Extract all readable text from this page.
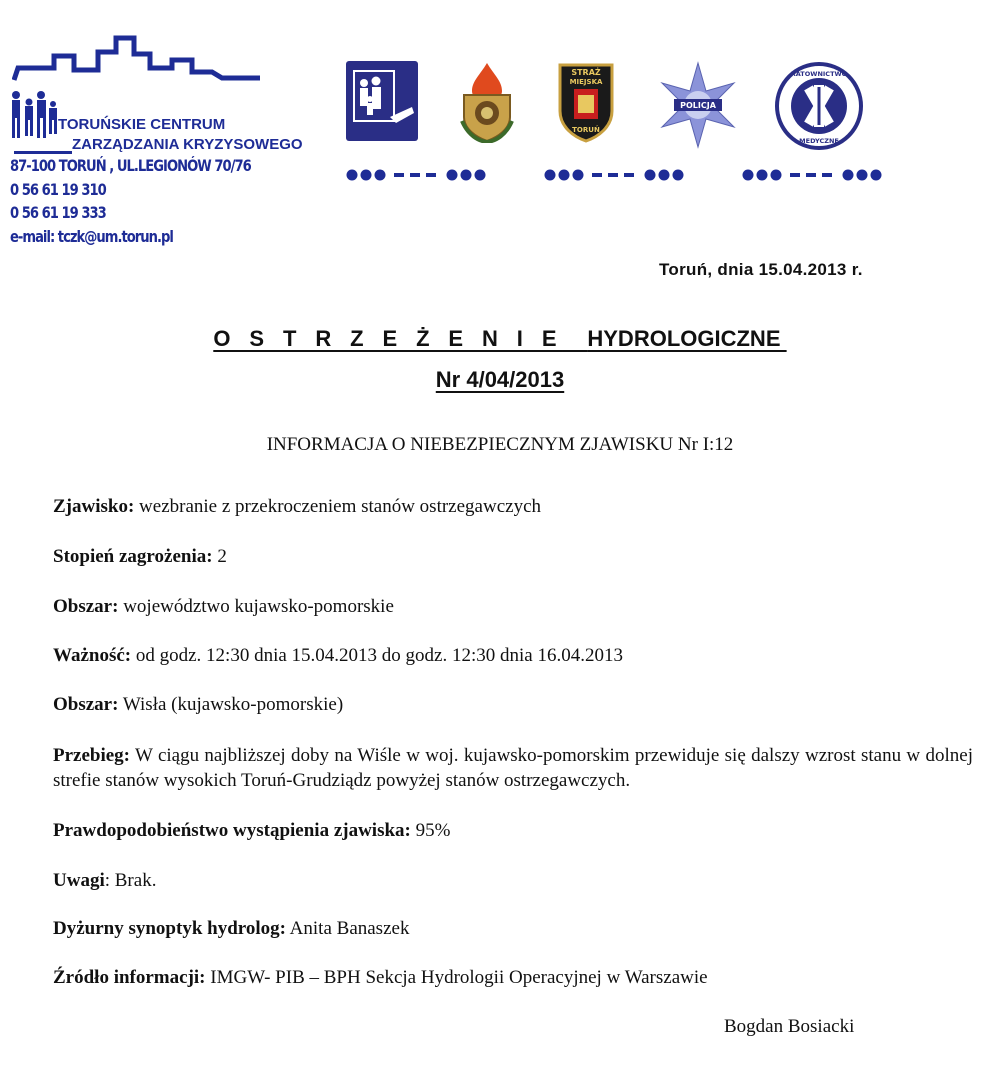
TORUŃSKIE CENTRUM
ZARZĄDZANIA KRYZYSOWEGO
87-100 TORUŃ , UL.LEGIONÓW 70/76
0 56 61 19 310
0 56 61 19 333
e-mail: tczk@um.torun.pl
STRAŻ
MIEJSKA
TORUŃ
POLICJA
RATOWNICTWO
MEDYCZNE
Toruń, dnia 15.04.2013 r.
O S T R Z E Ż E N I E HYDROLOGICZNE
Nr 4/04/2013
INFORMACJA O NIEBEZPIECZNYM ZJAWISKU Nr I:12
Zjawisko: wezbranie z przekroczeniem stanów ostrzegawczych
Stopień zagrożenia: 2
Obszar: województwo kujawsko-pomorskie
Ważność: od godz. 12:30 dnia 15.04.2013 do godz. 12:30 dnia 16.04.2013
Obszar: Wisła (kujawsko-pomorskie)
Przebieg: W ciągu najbliższej doby na Wiśle w woj. kujawsko-pomorskim przewiduje się dalszy wzrost stanu w dolnej strefie stanów wysokich Toruń-Grudziądz powyżej stanów ostrzegawczych.
Prawdopodobieństwo wystąpienia zjawiska: 95%
Uwagi: Brak.
Dyżurny synoptyk hydrolog: Anita Banaszek
Źródło informacji: IMGW- PIB – BPH Sekcja Hydrologii Operacyjnej w Warszawie
Bogdan Bosiacki
